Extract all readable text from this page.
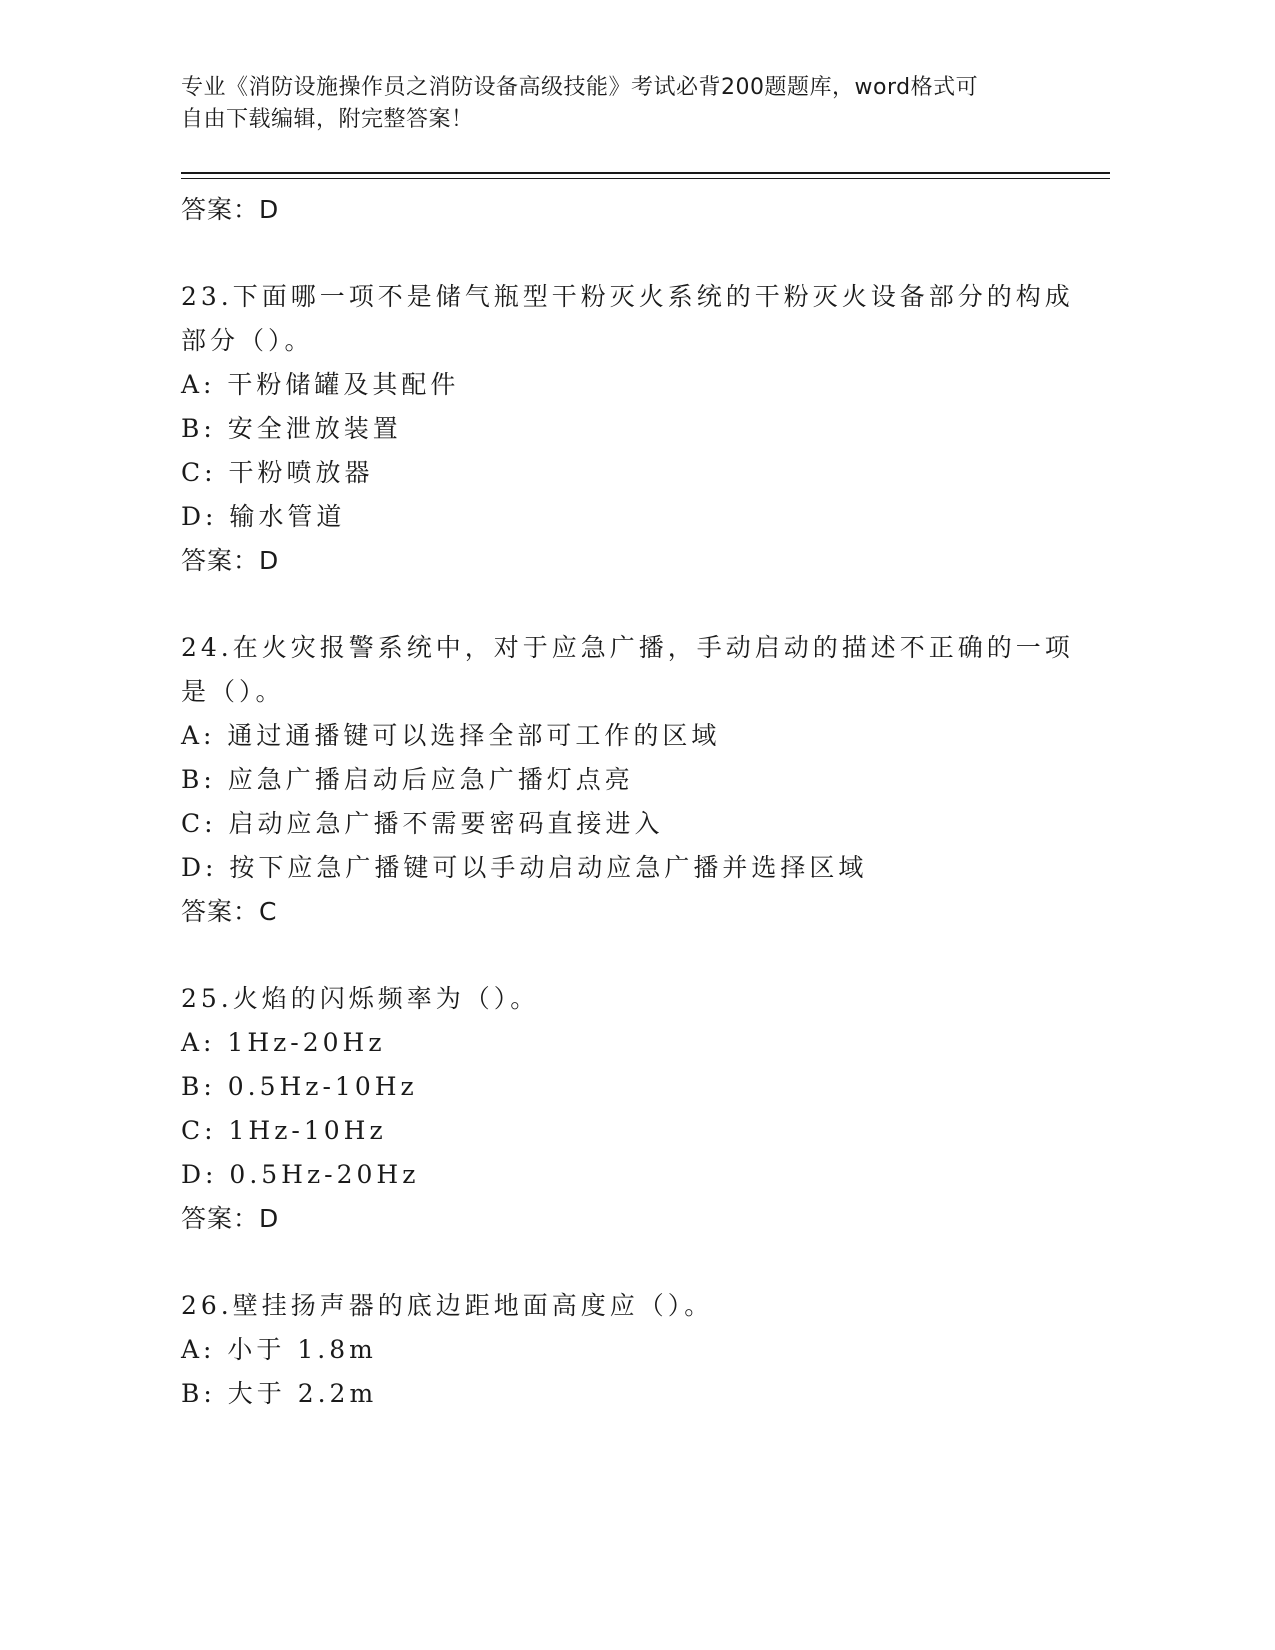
专业《消防设施操作员之消防设备高级技能》考试必背200题题库，word格式可
自由下载编辑，附完整答案！
答案：D
23.下面哪一项不是储气瓶型干粉灭火系统的干粉灭火设备部分的构成
部分（）。
A: 干粉储罐及其配件
B: 安全泄放装置
C: 干粉喷放器
D: 输水管道
答案：D
24.在火灾报警系统中，对于应急广播，手动启动的描述不正确的一项
是（）。
A: 通过通播键可以选择全部可工作的区域
B: 应急广播启动后应急广播灯点亮
C: 启动应急广播不需要密码直接进入
D: 按下应急广播键可以手动启动应急广播并选择区域
答案：C
25.火焰的闪烁频率为（）。
A: 1Hz-20Hz
B: 0.5Hz-10Hz
C: 1Hz-10Hz
D: 0.5Hz-20Hz
答案：D
26.壁挂扬声器的底边距地面高度应（）。
A: 小于 1.8m
B: 大于 2.2m
